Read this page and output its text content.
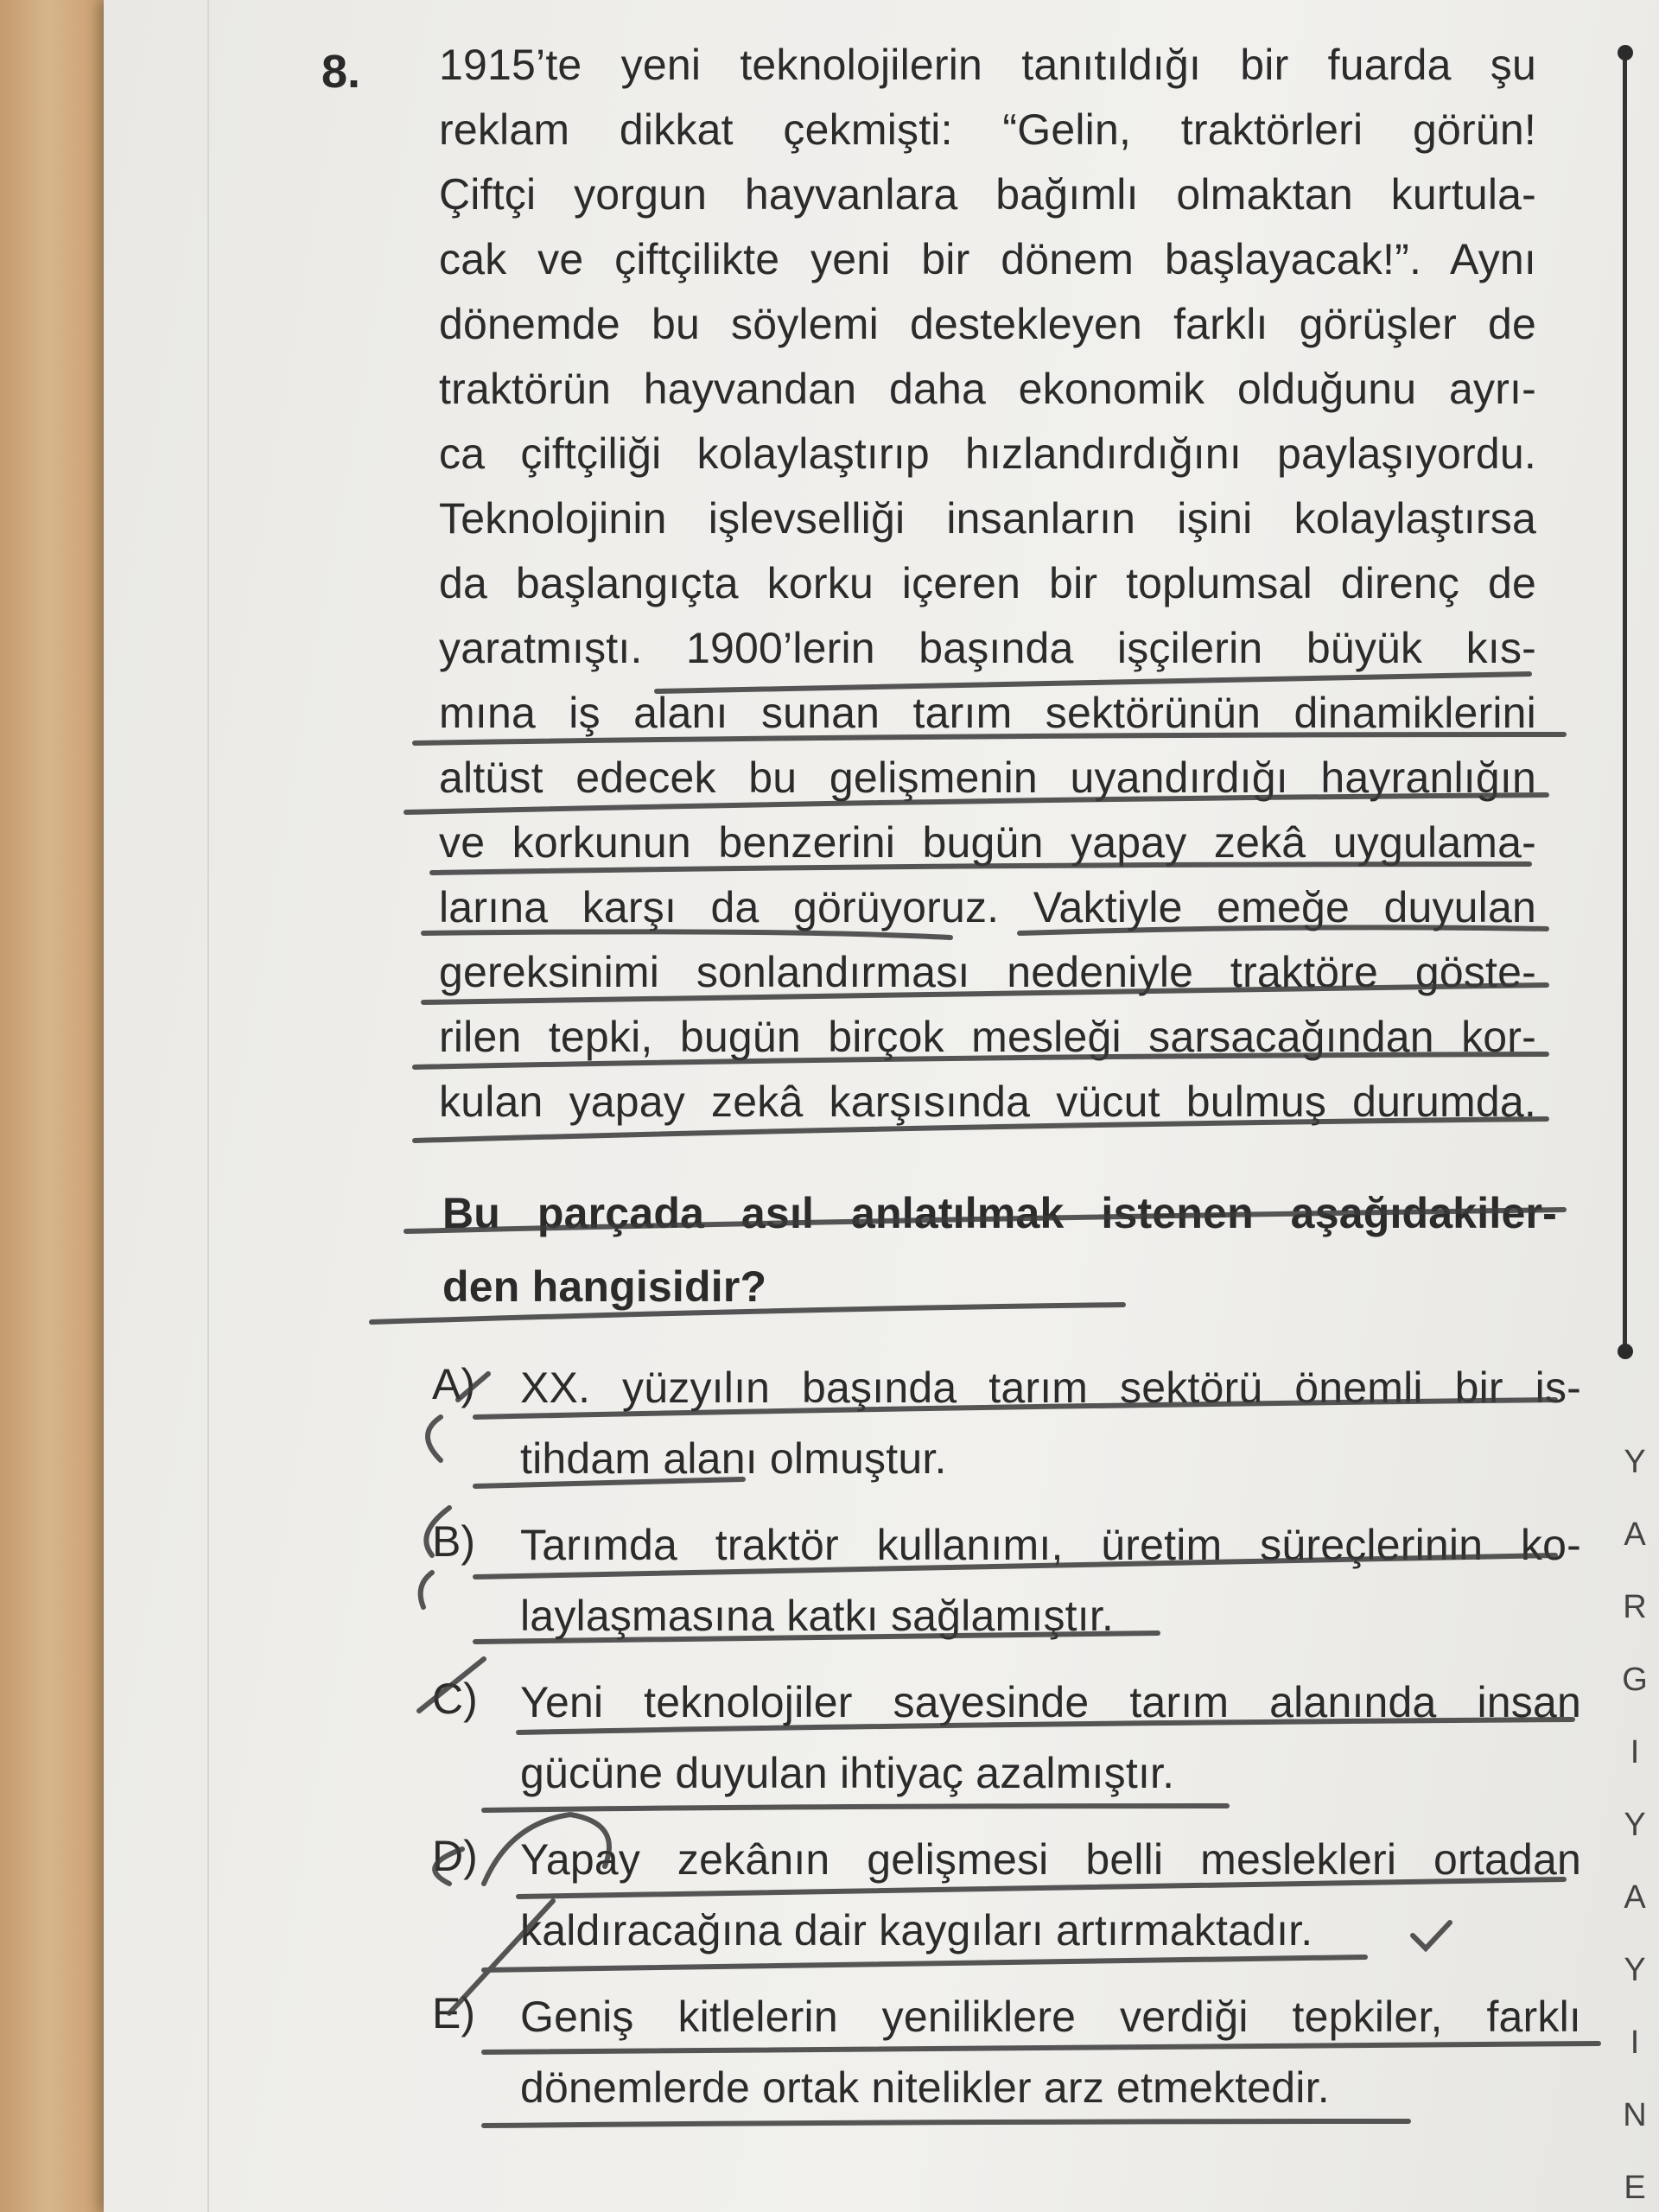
8. 1915’te yeni teknolojilerin tanıtıldığı bir fuarda şu
reklam dikkat çekmişti: “Gelin, traktörleri görün!
Çiftçi yorgun hayvanlara bağımlı olmaktan kurtula-
cak ve çiftçilikte yeni bir dönem başlayacak!”. Aynı
dönemde bu söylemi destekleyen farklı görüşler de
traktörün hayvandan daha ekonomik olduğunu ayrı-
ca çiftçiliği kolaylaştırıp hızlandırdığını paylaşıyordu.
Teknolojinin işlevselliği insanların işini kolaylaştırsa
da başlangıçta korku içeren bir toplumsal direnç de
yaratmıştı. 1900’lerin başında işçilerin büyük kıs-
mına iş alanı sunan tarım sektörünün dinamiklerini
altüst edecek bu gelişmenin uyandırdığı hayranlığın
ve korkunun benzerini bugün yapay zekâ uygulama-
larına karşı da görüyoruz. Vaktiyle emeğe duyulan
gereksinimi sonlandırması nedeniyle traktöre göste-
rilen tepki, bugün birçok mesleği sarsacağından kor-
kulan yapay zekâ karşısında vücut bulmuş durumda.
Bu parçada asıl anlatılmak istenen aşağıdakiler-
den hangisidir?
A) XX. yüzyılın başında tarım sektörü önemli bir is-
tihdam alanı olmuştur.
B) Tarımda traktör kullanımı, üretim süreçlerinin ko-
laylaşmasına katkı sağlamıştır.
C) Yeni teknolojiler sayesinde tarım alanında insan
gücüne duyulan ihtiyaç azalmıştır.
D) Yapay zekânın gelişmesi belli meslekleri ortadan
kaldıracağına dair kaygıları artırmaktadır.
E) Geniş kitlelerin yeniliklere verdiği tepkiler, farklı
dönemlerde ortak nitelikler arz etmektedir.
Y
A
R
G
I
Y
A
Y
I
N
E
